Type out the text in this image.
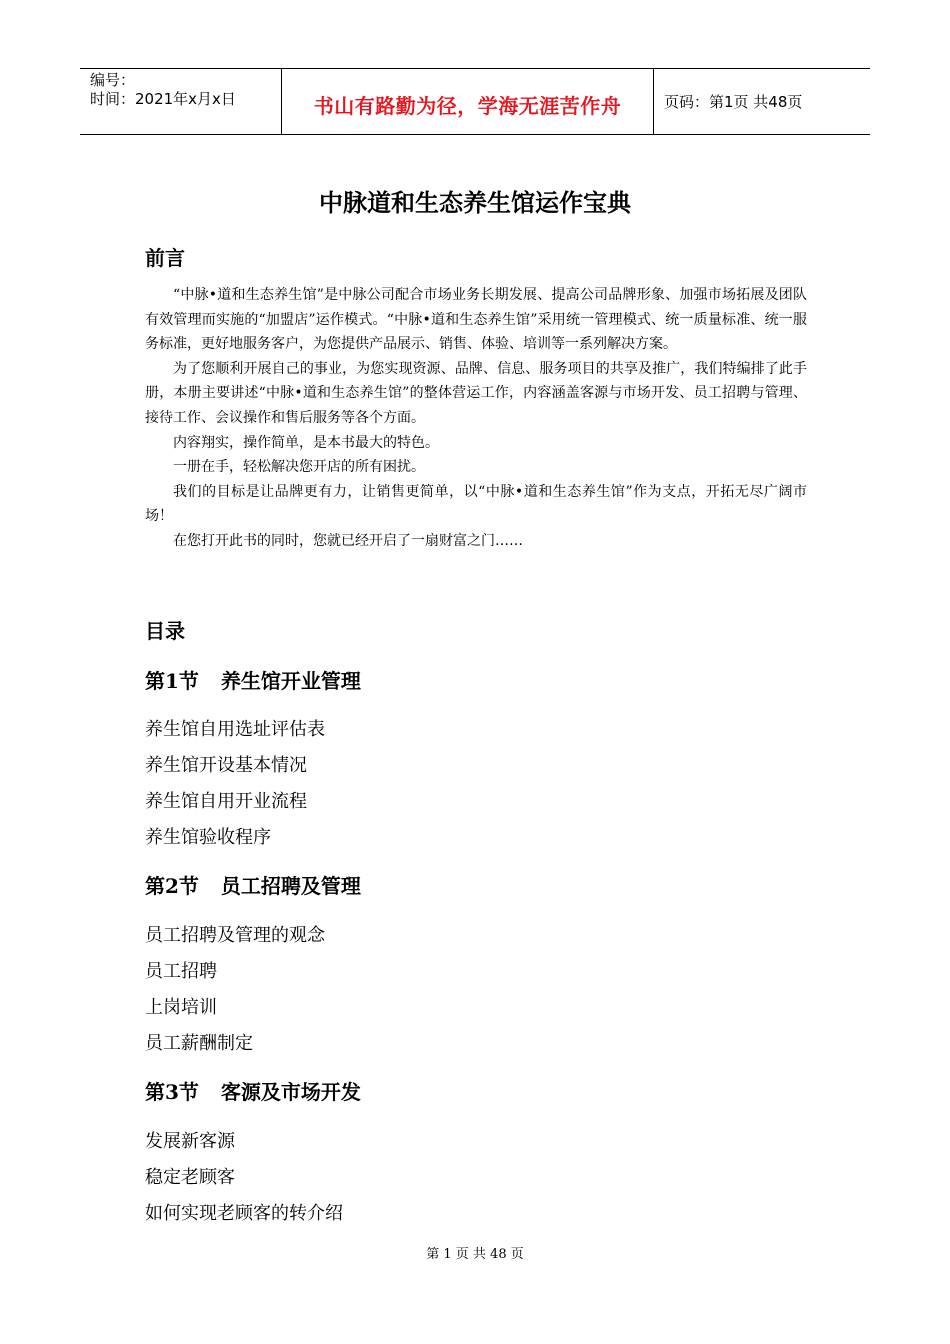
编号：
时间：2021年x月x日	书山有路勤为径，学海无涯苦作舟	页码：第1页 共48页
中脉道和生态养生馆运作宝典
前言

“中脉•道和生态养生馆”是中脉公司配合市场业务长期发展、提高公司品牌形象、加强市场拓展及团队有效管理而实施的“加盟店”运作模式。“中脉•道和生态养生馆”采用统一管理模式、统一质量标准、统一服务标准，更好地服务客户，为您提供产品展示、销售、体验、培训等一系列解决方案。

为了您顺利开展自己的事业，为您实现资源、品牌、信息、服务项目的共享及推广，我们特编排了此手册，本册主要讲述“中脉•道和生态养生馆”的整体营运工作，内容涵盖客源与市场开发、员工招聘与管理、接待工作、会议操作和售后服务等各个方面。

内容翔实，操作简单，是本书最大的特色。

一册在手，轻松解决您开店的所有困扰。

我们的目标是让品牌更有力，让销售更简单，以“中脉•道和生态养生馆”作为支点，开拓无尽广阔市场！

在您打开此书的同时，您就已经开启了一扇财富之门……

目录
第1节 养生馆开业管理
养生馆自用选址评估表
养生馆开设基本情况
养生馆自用开业流程
养生馆验收程序
第2节 员工招聘及管理
员工招聘及管理的观念
员工招聘
上岗培训
员工薪酬制定
第3节 客源及市场开发
发展新客源
稳定老顾客
如何实现老顾客的转介绍
第 1 页 共 48 页
